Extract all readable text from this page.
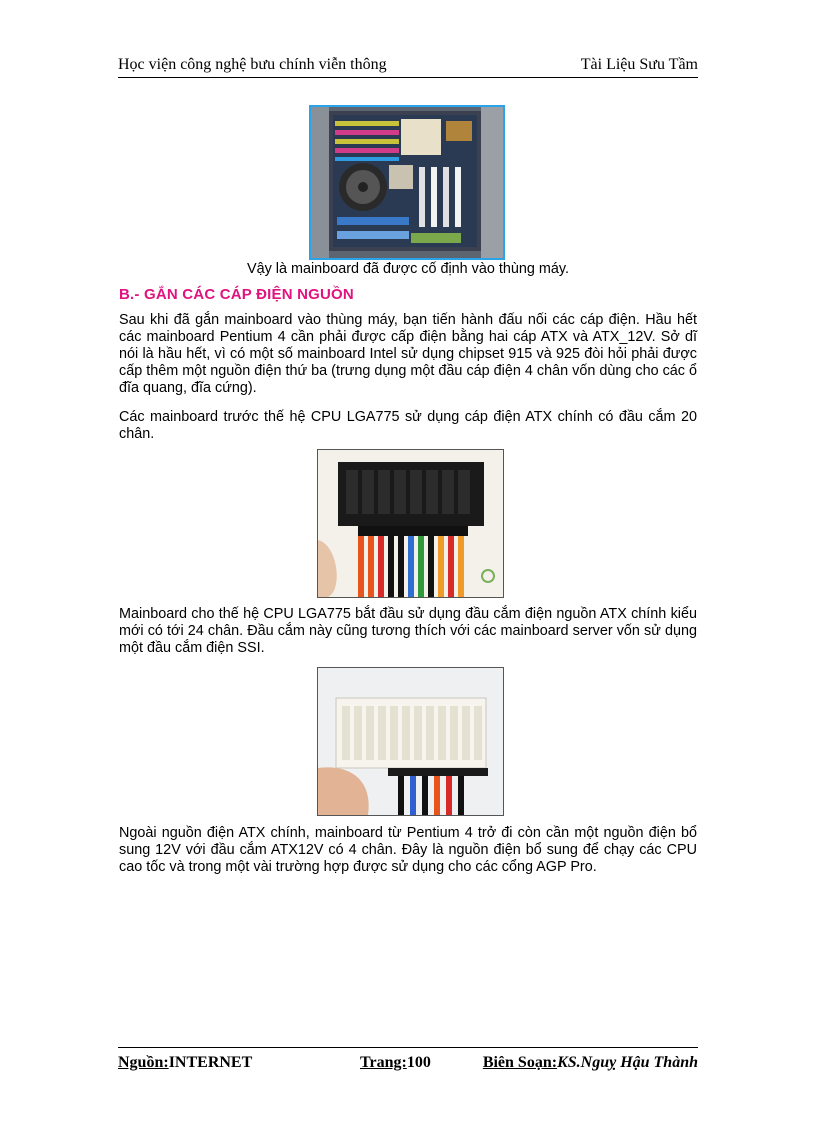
Học viện công nghệ bưu chính viễn thông	Tài Liệu Sưu Tầm
Vậy là mainboard đã được cố định vào thùng máy.
B.- GẮN CÁC CÁP ĐIỆN NGUỒN

Sau khi đã gắn mainboard vào thùng máy, bạn tiến hành đấu nối các cáp điện. Hầu hết các mainboard Pentium 4 cần phải được cấp điện bằng hai cáp ATX và ATX_12V. Sở dĩ nói là hầu hết, vì có một số mainboard Intel sử dụng chipset 915 và 925 đòi hỏi phải được cấp thêm một nguồn điện thứ ba (trưng dụng một đầu cáp điện 4 chân vốn dùng cho các ổ đĩa quang, đĩa cứng).

Các mainboard trước thế hệ CPU LGA775 sử dụng cáp điện ATX chính có đầu cắm 20 chân.

Mainboard cho thế hệ CPU LGA775 bắt đầu sử dụng đầu cắm điện nguồn ATX chính kiểu mới có tới 24 chân. Đầu cắm này cũng tương thích với các mainboard server vốn sử dụng một đầu cắm điện SSI.

Ngoài nguồn điện ATX chính, mainboard từ Pentium 4 trở đi còn cần một nguồn điện bổ sung 12V với đầu cắm ATX12V có 4 chân. Đây là nguồn điện bổ sung để chạy các CPU cao tốc và trong một vài trường hợp được sử dụng cho các cổng AGP Pro.

Nguồn:INTERNET	Trang:100	Biên Soạn:KS.Nguỵ Hậu Thành
